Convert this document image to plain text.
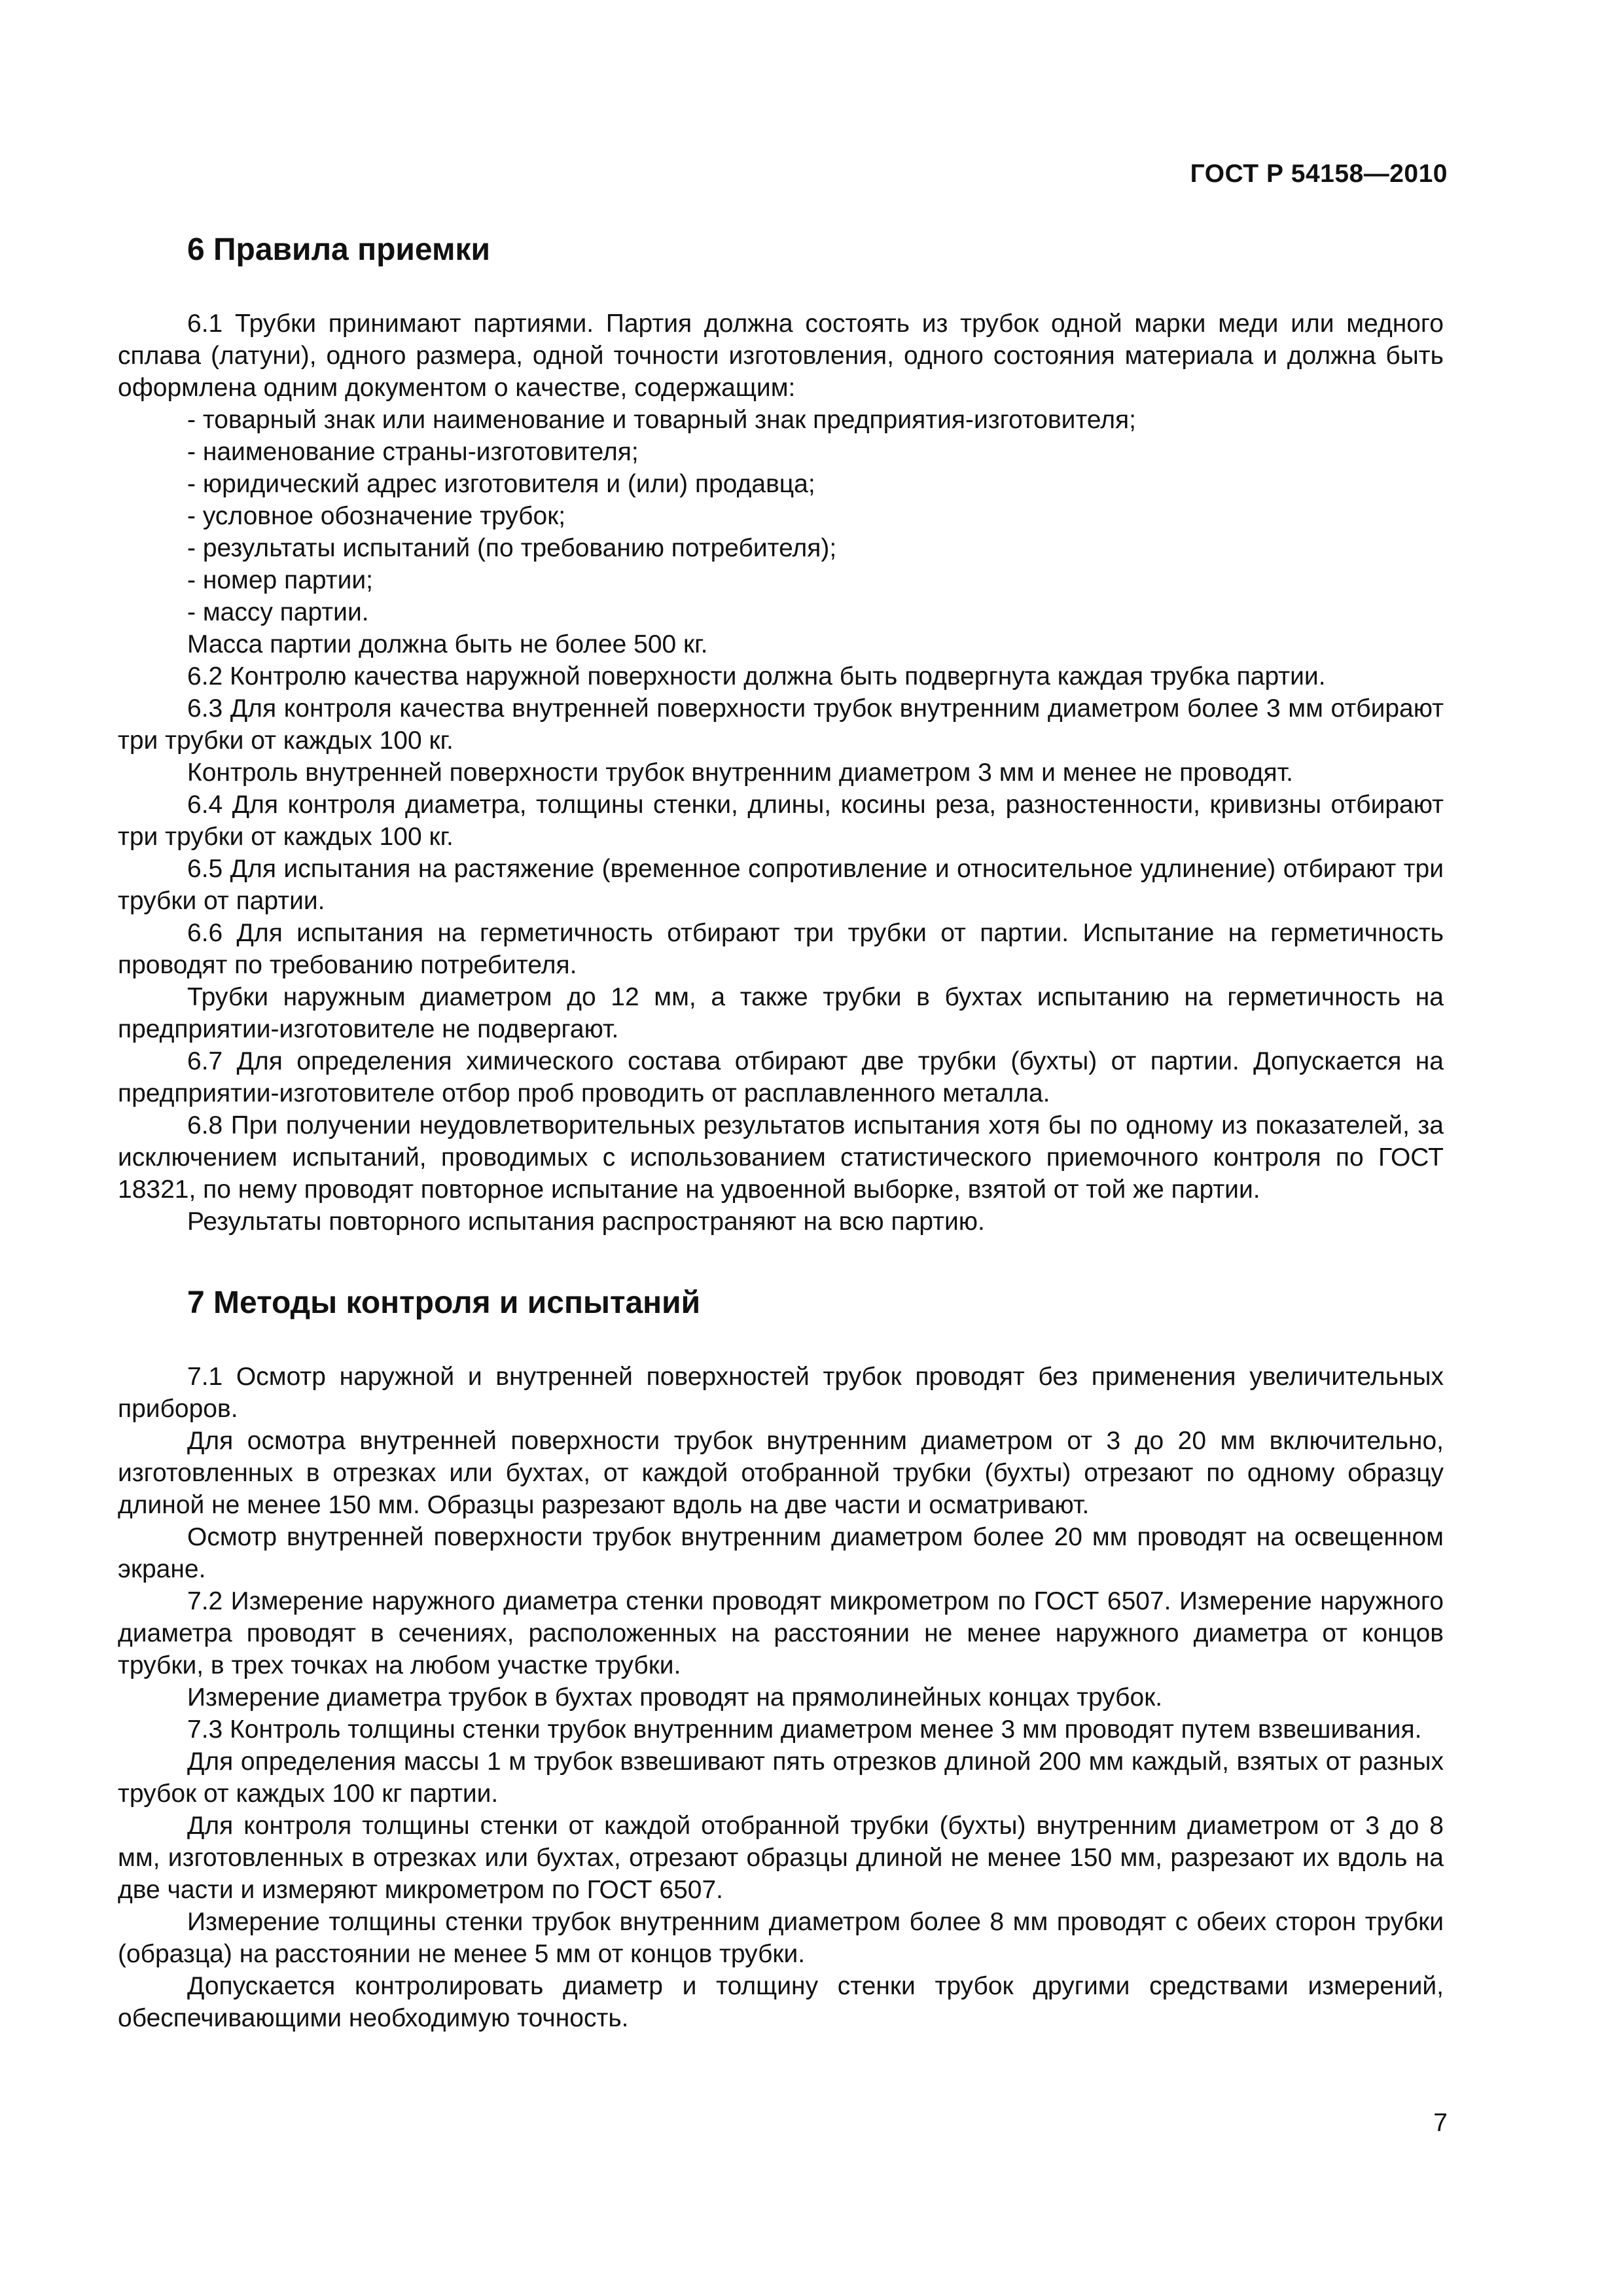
ГОСТ Р 54158—2010
6 Правила приемки

6.1 Трубки принимают партиями. Партия должна состоять из трубок одной марки меди или медного сплава (латуни), одного размера, одной точности изготовления, одного состояния материала и должна быть оформлена одним документом о качестве, содержащим:

- товарный знак или наименование и товарный знак предприятия-изготовителя;

- наименование страны-изготовителя;

- юридический адрес изготовителя и (или) продавца;

- условное обозначение трубок;

- результаты испытаний (по требованию потребителя);

- номер партии;

- массу партии.

Масса партии должна быть не более 500 кг.

6.2 Контролю качества наружной поверхности должна быть подвергнута каждая трубка партии.

6.3 Для контроля качества внутренней поверхности трубок внутренним диаметром более 3 мм отбирают три трубки от каждых 100 кг.

Контроль внутренней поверхности трубок внутренним диаметром 3 мм и менее не проводят.

6.4 Для контроля диаметра, толщины стенки, длины, косины реза, разностенности, кривизны отбирают три трубки от каждых 100 кг.

6.5 Для испытания на растяжение (временное сопротивление и относительное удлинение) отбирают три трубки от партии.

6.6 Для испытания на герметичность отбирают три трубки от партии. Испытание на герметичность проводят по требованию потребителя.

Трубки наружным диаметром до 12 мм, а также трубки в бухтах испытанию на герметичность на предприятии-изготовителе не подвергают.

6.7 Для определения химического состава отбирают две трубки (бухты) от партии. Допускается на предприятии-изготовителе отбор проб проводить от расплавленного металла.

6.8 При получении неудовлетворительных результатов испытания хотя бы по одному из показателей, за исключением испытаний, проводимых с использованием статистического приемочного контроля по ГОСТ 18321, по нему проводят повторное испытание на удвоенной выборке, взятой от той же партии.

Результаты повторного испытания распространяют на всю партию.

7 Методы контроля и испытаний

7.1 Осмотр наружной и внутренней поверхностей трубок проводят без применения увеличительных приборов.

Для осмотра внутренней поверхности трубок внутренним диаметром от 3 до 20 мм включительно, изготовленных в отрезках или бухтах, от каждой отобранной трубки (бухты) отрезают по одному образцу длиной не менее 150 мм. Образцы разрезают вдоль на две части и осматривают.

Осмотр внутренней поверхности трубок внутренним диаметром более 20 мм проводят на освещенном экране.

7.2 Измерение наружного диаметра стенки проводят микрометром по ГОСТ 6507. Измерение наружного диаметра проводят в сечениях, расположенных на расстоянии не менее наружного диаметра от концов трубки, в трех точках на любом участке трубки.

Измерение диаметра трубок в бухтах проводят на прямолинейных концах трубок.

7.3 Контроль толщины стенки трубок внутренним диаметром менее 3 мм проводят путем взвешивания.

Для определения массы 1 м трубок взвешивают пять отрезков длиной 200 мм каждый, взятых от разных трубок от каждых 100 кг партии.

Для контроля толщины стенки от каждой отобранной трубки (бухты) внутренним диаметром от 3 до 8 мм, изготовленных в отрезках или бухтах, отрезают образцы длиной не менее 150 мм, разрезают их вдоль на две части и измеряют микрометром по ГОСТ 6507.

Измерение толщины стенки трубок внутренним диаметром более 8 мм проводят с обеих сторон трубки (образца) на расстоянии не менее 5 мм от концов трубки.

Допускается контролировать диаметр и толщину стенки трубок другими средствами измерений, обеспечивающими необходимую точность.

7
